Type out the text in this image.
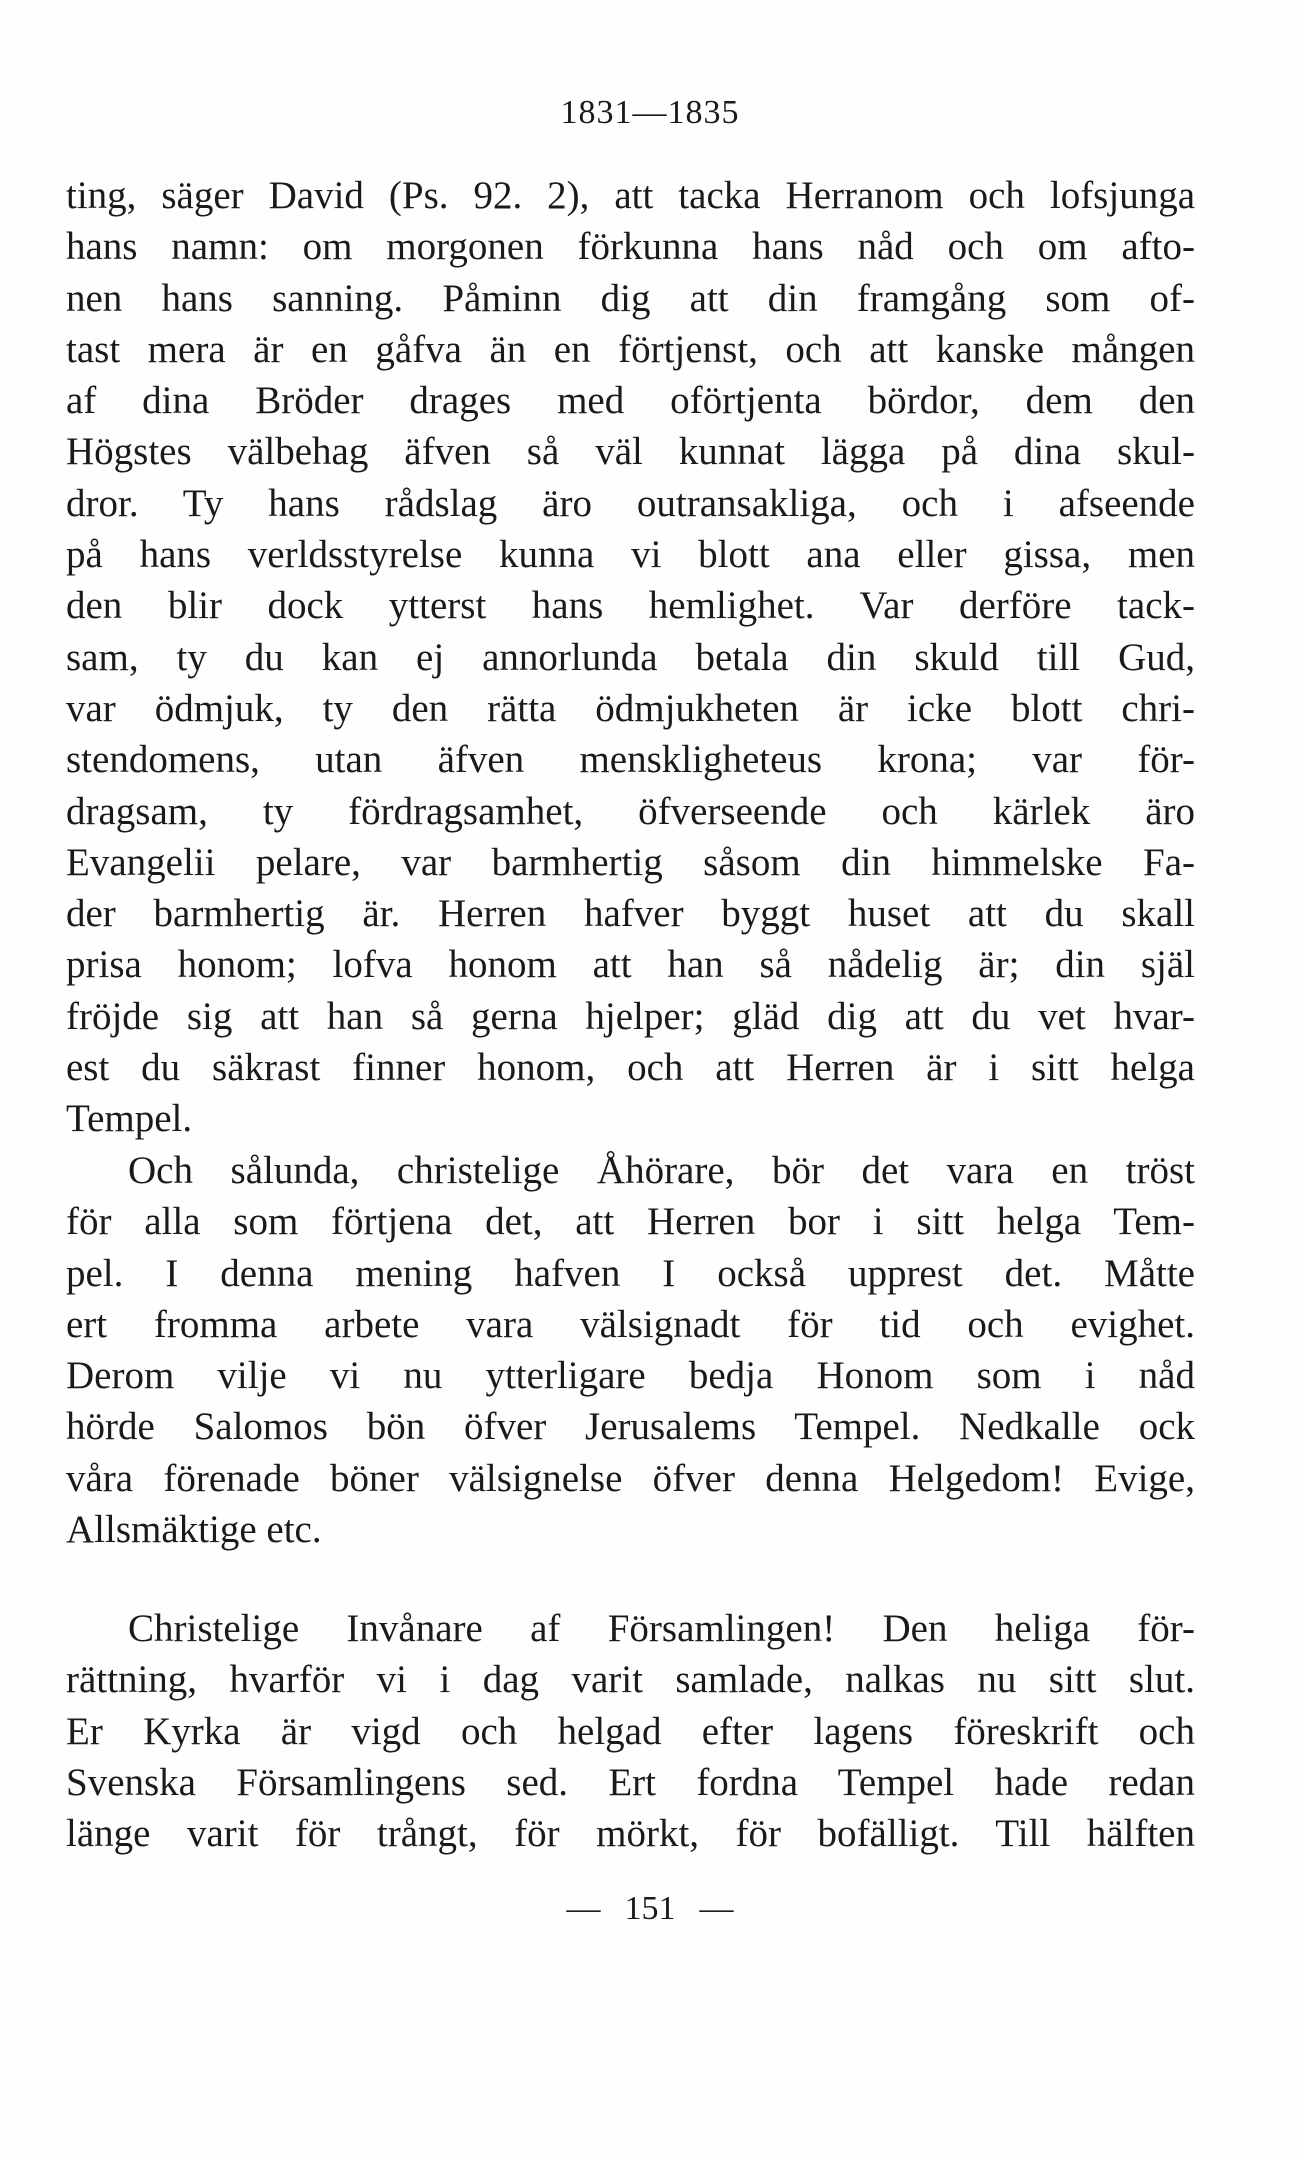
1831—1835
ting, säger David (Ps. 92. 2), att tacka Herranom och lofsjunga
hans namn: om morgonen förkunna hans nåd och om afto-
nen hans sanning. Påminn dig att din framgång som of-
tast mera är en gåfva än en förtjenst, och att kanske mången
af dina Bröder drages med oförtjenta bördor, dem den
Högstes välbehag äfven så väl kunnat lägga på dina skul-
dror. Ty hans rådslag äro outransakliga, och i afseende
på hans verldsstyrelse kunna vi blott ana eller gissa, men
den blir dock ytterst hans hemlighet. Var derföre tack-
sam, ty du kan ej annorlunda betala din skuld till Gud,
var ödmjuk, ty den rätta ödmjukheten är icke blott chri-
stendomens, utan äfven menskligheteus krona; var för-
dragsam, ty fördragsamhet, öfverseende och kärlek äro
Evangelii pelare, var barmhertig såsom din himmelske Fa-
der barmhertig är. Herren hafver byggt huset att du skall
prisa honom; lofva honom att han så nådelig är; din själ
fröjde sig att han så gerna hjelper; gläd dig att du vet hvar-
est du säkrast finner honom, och att Herren är i sitt helga
Tempel.
Och sålunda, christelige Åhörare, bör det vara en tröst
för alla som förtjena det, att Herren bor i sitt helga Tem-
pel. I denna mening hafven I också upprest det. Måtte
ert fromma arbete vara välsignadt för tid och evighet.
Derom vilje vi nu ytterligare bedja Honom som i nåd
hörde Salomos bön öfver Jerusalems Tempel. Nedkalle ock
våra förenade böner välsignelse öfver denna Helgedom! Evige,
Allsmäktige etc.
Christelige Invånare af Församlingen! Den heliga för-
rättning, hvarför vi i dag varit samlade, nalkas nu sitt slut.
Er Kyrka är vigd och helgad efter lagens föreskrift och
Svenska Församlingens sed. Ert fordna Tempel hade redan
länge varit för trångt, för mörkt, för bofälligt. Till hälften
— 151 —
